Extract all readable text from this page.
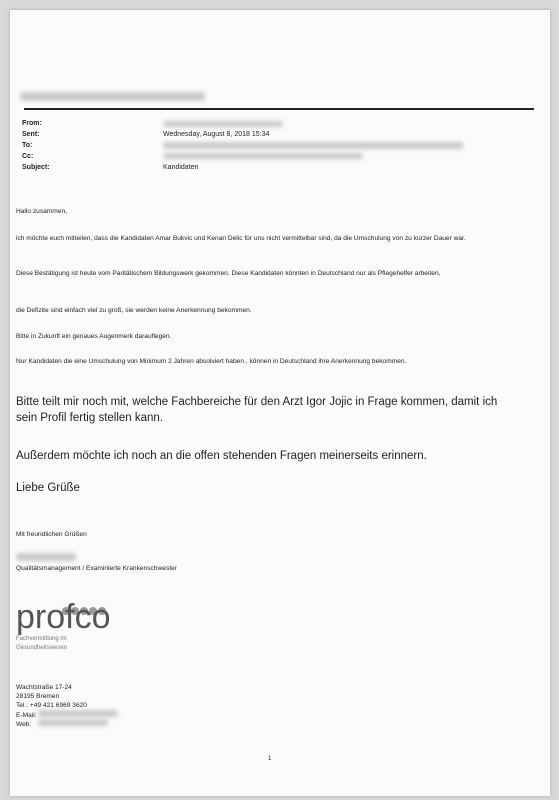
From:
Sent:	Wednesday, August 8, 2018 15:34
To:
Cc:
Subject:	Kandidaten
Hallo zusammen,
ich möchte euch mitteilen, dass die Kandidaten Amar Bukvic und Kenan Delic für uns nicht vermittelbar sind, da die Umschulung von zu kurzer Dauer war.
Diese Bestätigung ist heute vom Paritätischem Bildungswerk gekommen. Diese Kandidaten könnten in Deutschland nur als Pflegehelfer arbeiten,
die Defizite sind einfach viel zu groß, sie werden keine Anerkennung bekommen.
Bitte in Zukunft ein genaues Augenmerk darauflegen.
Nur Kandidaten die eine Umschulung von Minimum 2 Jahren absolviert haben , können in Deutschland ihre Anerkennung bekommen.
Bitte teilt mir noch mit, welche Fachbereiche für den Arzt Igor Jojic in Frage kommen, damit ich sein Profil fertig stellen kann.
Außerdem möchte ich noch an die offen stehenden Fragen meinerseits erinnern.
Liebe Grüße
Mit freundlichen Grüßen
Qualitätsmanagement / Examinierte Krankenschwester
profco
Fachvermittlung im
Gesundheitswesen
Wachtstraße 17-24
28195 Bremen
Tel.: +49 421 6969 3620
E-Mail:
Web:
1
